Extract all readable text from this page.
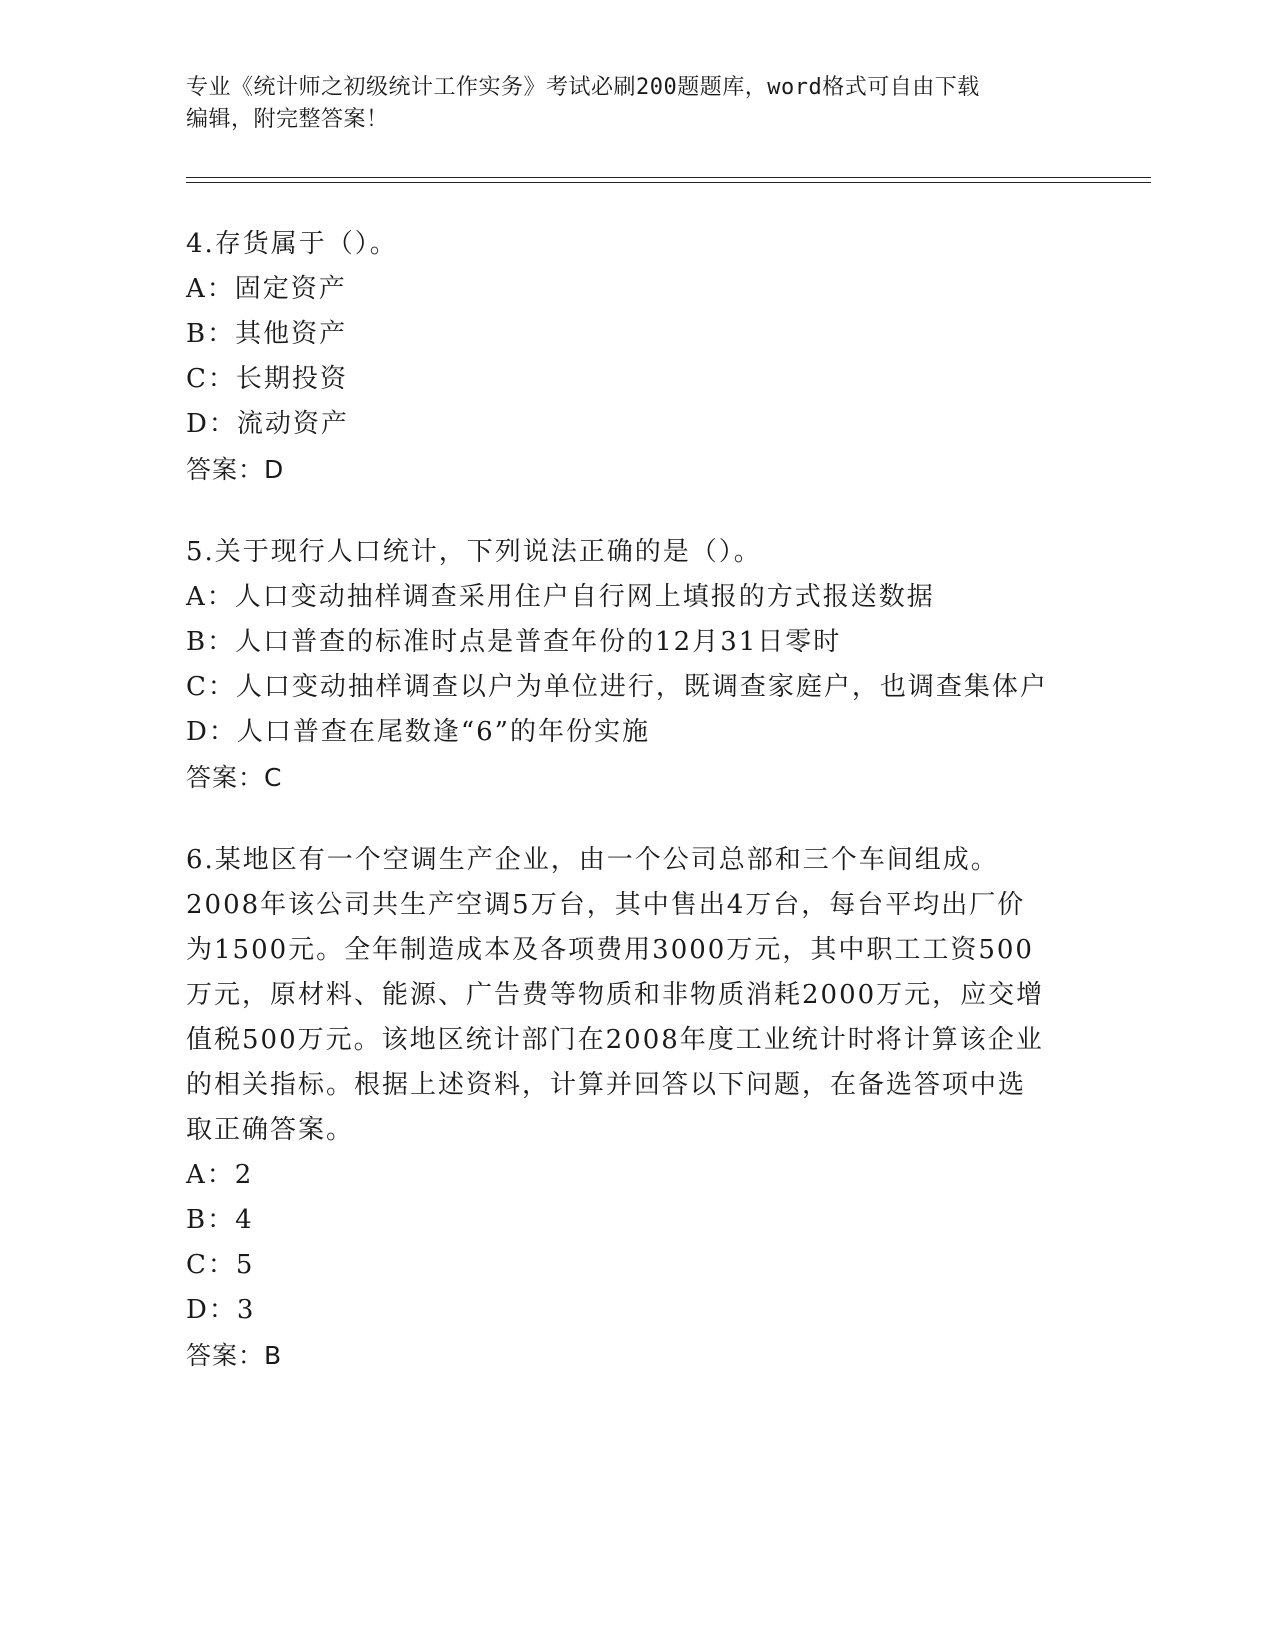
专业《统计师之初级统计工作实务》考试必刷200题题库，word格式可自由下载
编辑，附完整答案！
4.存货属于（）。
A：固定资产
B：其他资产
C：长期投资
D：流动资产
答案：D
5.关于现行人口统计，下列说法正确的是（）。
A：人口变动抽样调查采用住户自行网上填报的方式报送数据
B：人口普查的标准时点是普查年份的12月31日零时
C：人口变动抽样调查以户为单位进行，既调查家庭户，也调查集体户
D：人口普查在尾数逢“6”的年份实施
答案：C
6.某地区有一个空调生产企业，由一个公司总部和三个车间组成。
2008年该公司共生产空调5万台，其中售出4万台，每台平均出厂价
为1500元。全年制造成本及各项费用3000万元，其中职工工资500
万元，原材料、能源、广告费等物质和非物质消耗2000万元，应交增
值税500万元。该地区统计部门在2008年度工业统计时将计算该企业
的相关指标。根据上述资料，计算并回答以下问题，在备选答项中选
取正确答案。
A：2
B：4
C：5
D：3
答案：B
